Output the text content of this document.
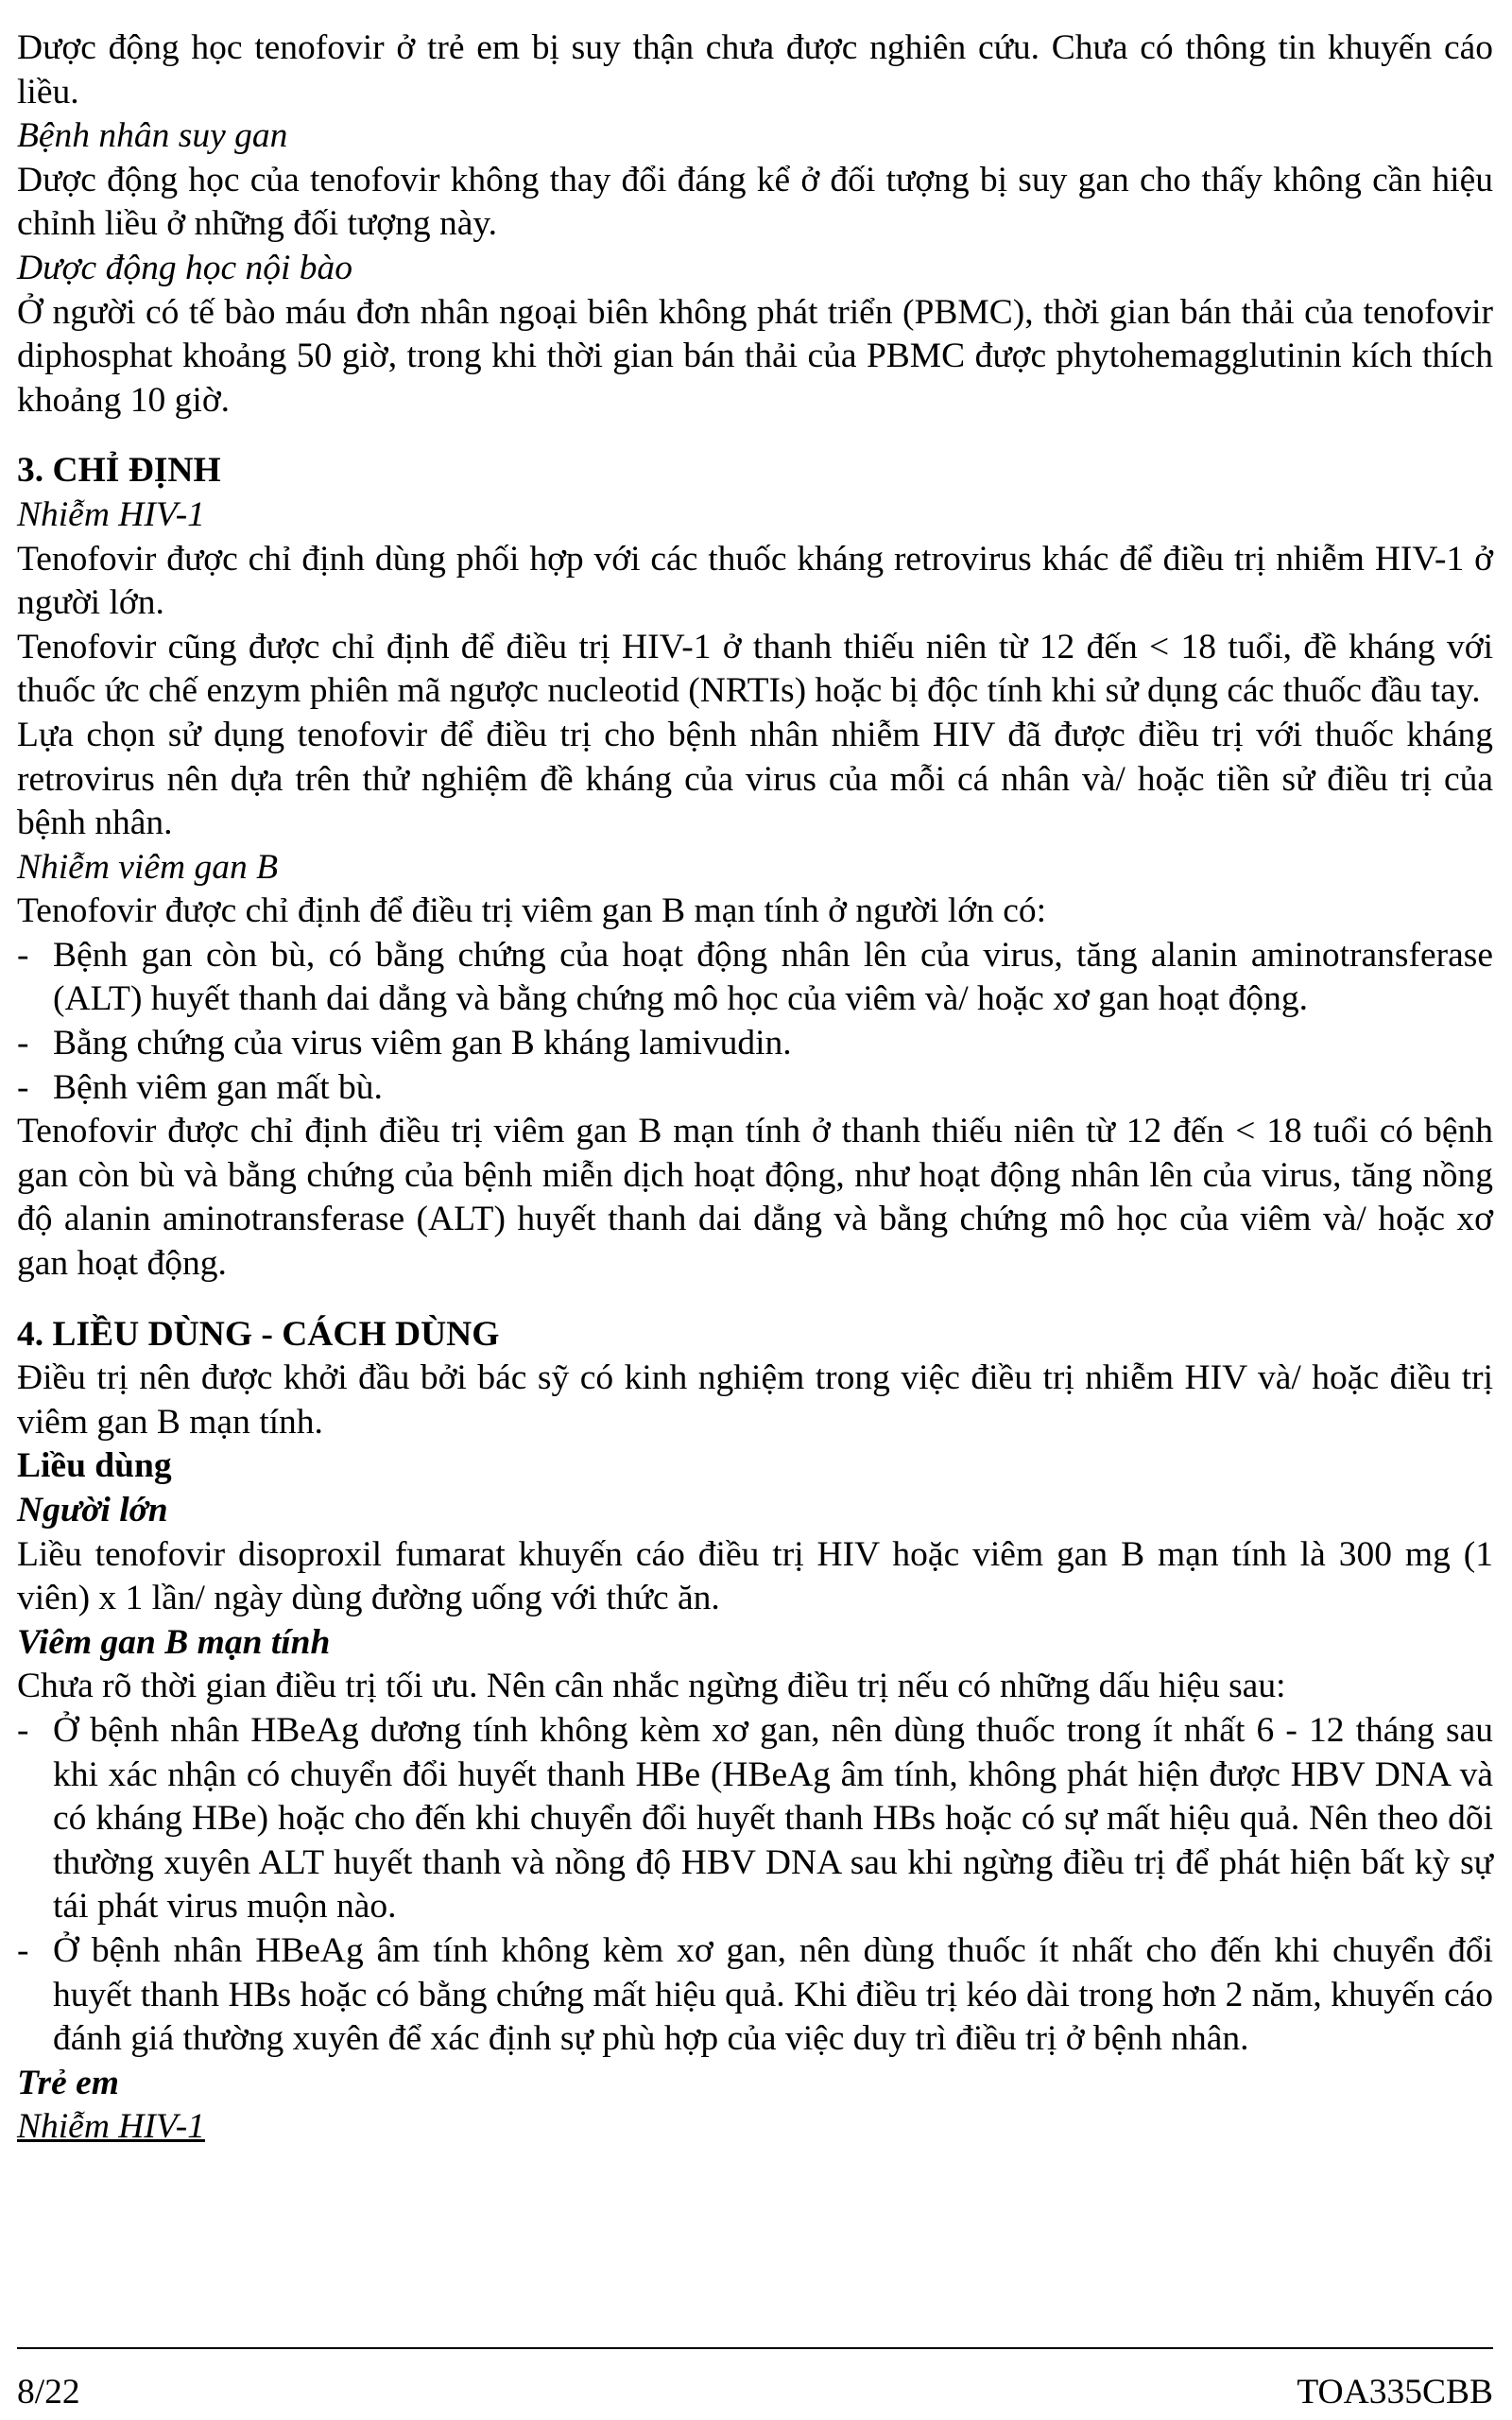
Dược động học tenofovir ở trẻ em bị suy thận chưa được nghiên cứu. Chưa có thông tin khuyến cáo liều.

Bệnh nhân suy gan

Dược động học của tenofovir không thay đổi đáng kể ở đối tượng bị suy gan cho thấy không cần hiệu chỉnh liều ở những đối tượng này.

Dược động học nội bào

Ở người có tế bào máu đơn nhân ngoại biên không phát triển (PBMC), thời gian bán thải của tenofovir diphosphat khoảng 50 giờ, trong khi thời gian bán thải của PBMC được phytohemagglutinin kích thích khoảng 10 giờ.

3. CHỈ ĐỊNH

Nhiễm HIV-1

Tenofovir được chỉ định dùng phối hợp với các thuốc kháng retrovirus khác để điều trị nhiễm HIV-1 ở người lớn.

Tenofovir cũng được chỉ định để điều trị HIV-1 ở thanh thiếu niên từ 12 đến < 18 tuổi, đề kháng với thuốc ức chế enzym phiên mã ngược nucleotid (NRTIs) hoặc bị độc tính khi sử dụng các thuốc đầu tay.

Lựa chọn sử dụng tenofovir để điều trị cho bệnh nhân nhiễm HIV đã được điều trị với thuốc kháng retrovirus nên dựa trên thử nghiệm đề kháng của virus của mỗi cá nhân và/ hoặc tiền sử điều trị của bệnh nhân.

Nhiễm viêm gan B

Tenofovir được chỉ định để điều trị viêm gan B mạn tính ở người lớn có:

- Bệnh gan còn bù, có bằng chứng của hoạt động nhân lên của virus, tăng alanin aminotransferase (ALT) huyết thanh dai dẳng và bằng chứng mô học của viêm và/ hoặc xơ gan hoạt động.
- Bằng chứng của virus viêm gan B kháng lamivudin.
- Bệnh viêm gan mất bù.

Tenofovir được chỉ định điều trị viêm gan B mạn tính ở thanh thiếu niên từ 12 đến < 18 tuổi có bệnh gan còn bù và bằng chứng của bệnh miễn dịch hoạt động, như hoạt động nhân lên của virus, tăng nồng độ alanin aminotransferase (ALT) huyết thanh dai dẳng và bằng chứng mô học của viêm và/ hoặc xơ gan hoạt động.

4. LIỀU DÙNG - CÁCH DÙNG

Điều trị nên được khởi đầu bởi bác sỹ có kinh nghiệm trong việc điều trị nhiễm HIV và/ hoặc điều trị viêm gan B mạn tính.

Liều dùng

Người lớn

Liều tenofovir disoproxil fumarat khuyến cáo điều trị HIV hoặc viêm gan B mạn tính là 300 mg (1 viên) x 1 lần/ ngày dùng đường uống với thức ăn.

Viêm gan B mạn tính

Chưa rõ thời gian điều trị tối ưu. Nên cân nhắc ngừng điều trị nếu có những dấu hiệu sau:

- Ở bệnh nhân HBeAg dương tính không kèm xơ gan, nên dùng thuốc trong ít nhất 6 - 12 tháng sau khi xác nhận có chuyển đổi huyết thanh HBe (HBeAg âm tính, không phát hiện được HBV DNA và có kháng HBe) hoặc cho đến khi chuyển đổi huyết thanh HBs hoặc có sự mất hiệu quả. Nên theo dõi thường xuyên ALT huyết thanh và nồng độ HBV DNA sau khi ngừng điều trị để phát hiện bất kỳ sự tái phát virus muộn nào.
- Ở bệnh nhân HBeAg âm tính không kèm xơ gan, nên dùng thuốc ít nhất cho đến khi chuyển đổi huyết thanh HBs hoặc có bằng chứng mất hiệu quả. Khi điều trị kéo dài trong hơn 2 năm, khuyến cáo đánh giá thường xuyên để xác định sự phù hợp của việc duy trì điều trị ở bệnh nhân.

Trẻ em

Nhiễm HIV-1

8/22	TOA335CBB
